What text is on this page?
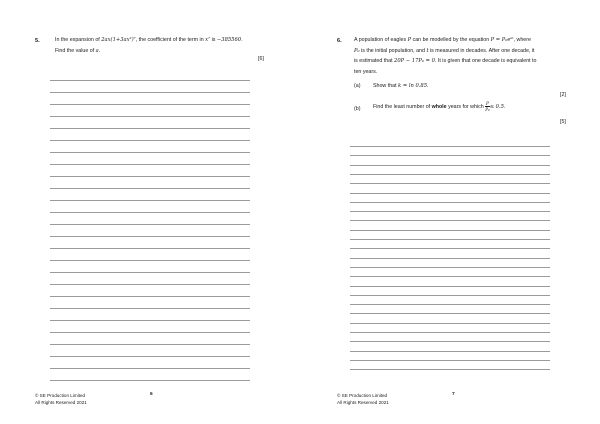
5.	In the expansion of 2ax(1+3ax²)⁷, the coefficient of the term in x⁷ is −385560.
Find the value of a.
[6]
© SE Production Limited
All Rights Reserved 2021
6
6. A population of eagles P can be modelled by the equation P = P₀eᵏᵗ, where
P₀ is the initial population, and t is measured in decades. After one decade, it
is estimated that 20P − 17P₀ = 0. It is given that one decade is equivalent to
ten years.
(a) Show that k = ln 0.85.
[2]
(b) Find the least number of whole years for which $\frac{P}{\text{P₀}} \le 0.5$.
[5]
© SE Production Limited
All Rights Reserved 2021
7
